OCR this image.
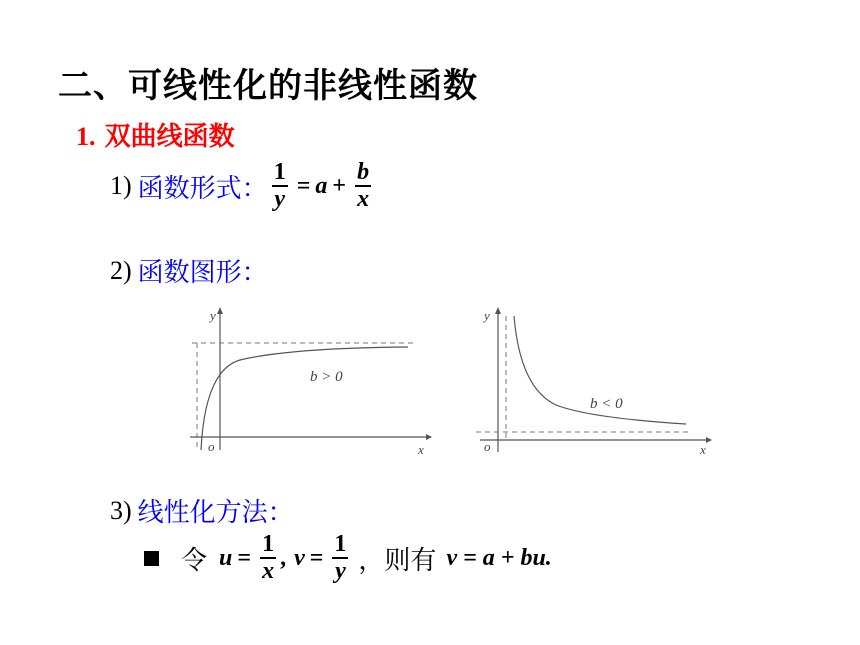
二、可线性化的非线性函数
1. 双曲线函数
1) 函数形式： $\frac{1}{y} = a + \frac{b}{x}$
2) 函数图形：
y
o	x
b > 0
y
o	x
b < 0
3) 线性化方法：
令 $u = \frac{1}{x}$ , $v = \frac{1}{y}$ ， 则有 v = a + bu.
